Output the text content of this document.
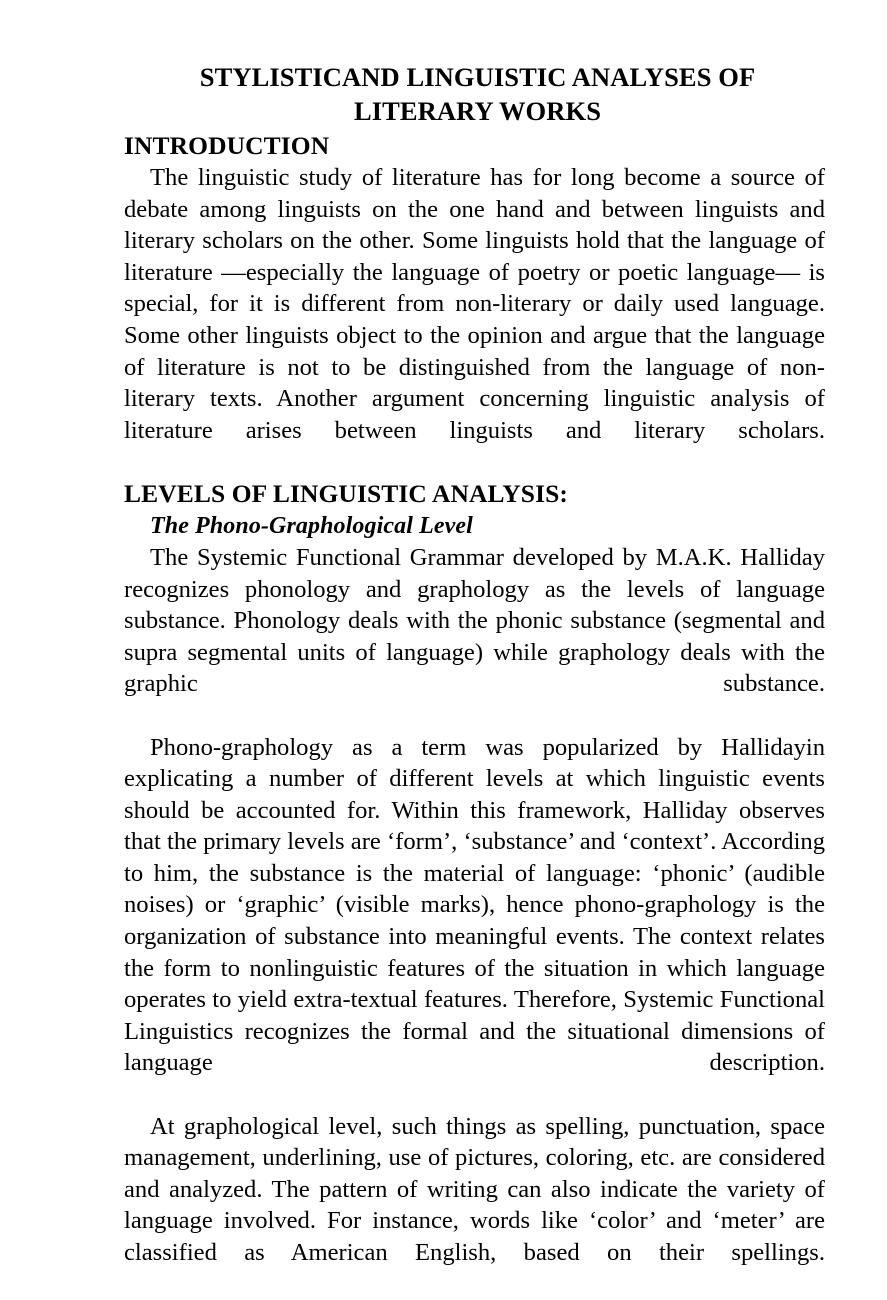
STYLISTICAND LINGUISTIC ANALYSES OF LITERARY WORKS
INTRODUCTION

The linguistic study of literature has for long become a source of debate among linguists on the one hand and between linguists and literary scholars on the other. Some linguists hold that the language of literature —especially the language of poetry or poetic language— is special, for it is different from non-literary or daily used language. Some other linguists object to the opinion and argue that the language of literature is not to be distinguished from the language of non-literary texts. Another argument concerning linguistic analysis of literature arises between linguists and literary scholars.

LEVELS OF LINGUISTIC ANALYSIS:
The Phono-Graphological Level

The Systemic Functional Grammar developed by M.A.K. Halliday recognizes phonology and graphology as the levels of language substance. Phonology deals with the phonic substance (segmental and supra segmental units of language) while graphology deals with the graphic substance.

Phono-graphology as a term was popularized by Hallidayin explicating a number of different levels at which linguistic events should be accounted for. Within this framework, Halliday observes that the primary levels are ‘form’, ‘substance’ and ‘context’. According to him, the substance is the material of language: ‘phonic’ (audible noises) or ‘graphic’ (visible marks), hence phono-graphology is the organization of substance into meaningful events. The context relates the form to nonlinguistic features of the situation in which language operates to yield extra-textual features. Therefore, Systemic Functional Linguistics recognizes the formal and the situational dimensions of language description.

At graphological level, such things as spelling, punctuation, space management, underlining, use of pictures, coloring, etc. are considered and analyzed. The pattern of writing can also indicate the variety of language involved. For instance, words like ‘color’ and ‘meter’ are classified as American English, based on their spellings.
